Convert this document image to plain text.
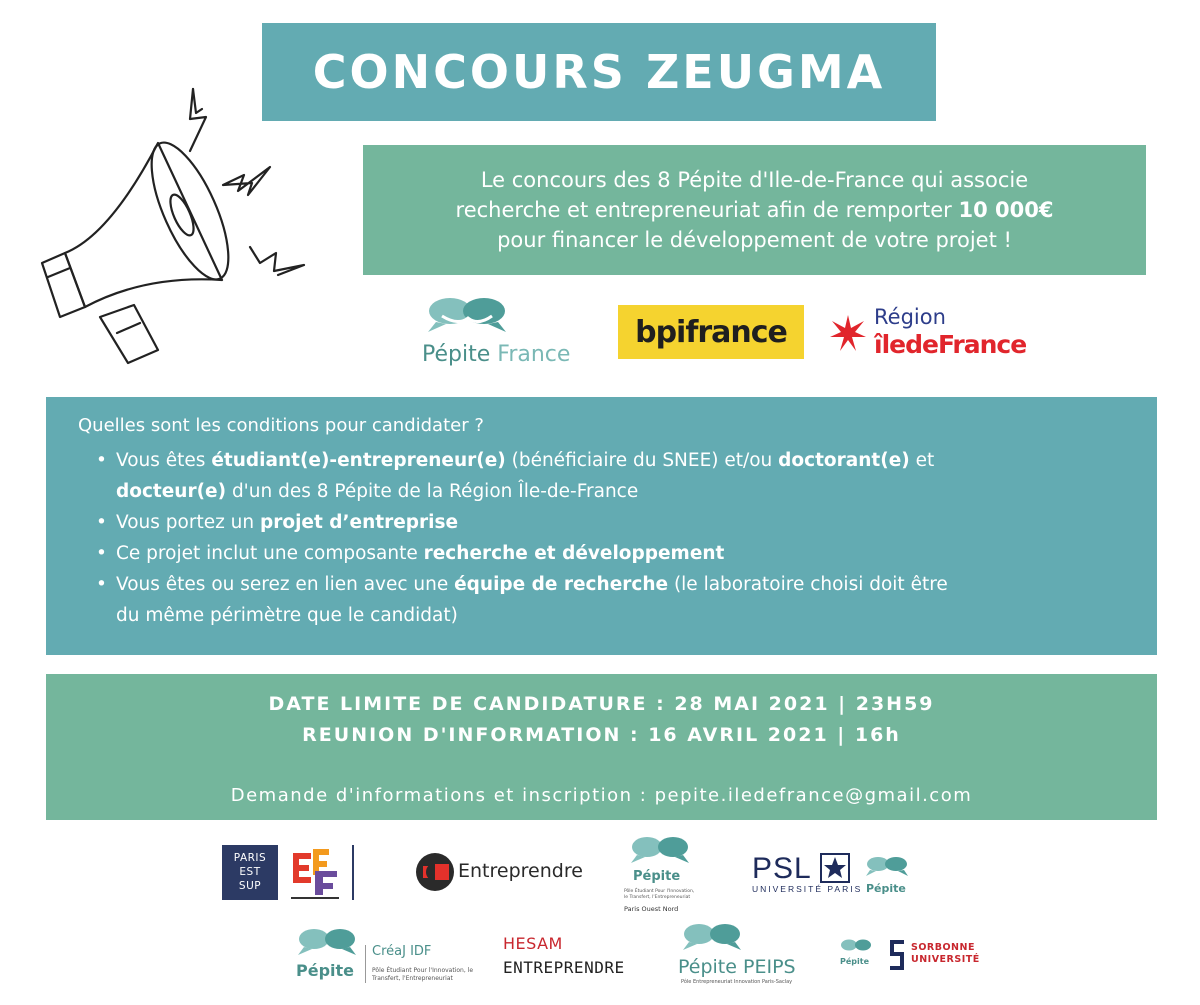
CONCOURS ZEUGMA
Le concours des 8 Pépite d'Ile-de-France qui associe
recherche et entrepreneuriat afin de remporter 10 000€
pour financer le développement de votre projet !
Pépite France
bpifrance	Région
îledeFrance
Quelles sont les conditions pour candidater ?
• Vous êtes étudiant(e)-entrepreneur(e) (bénéficiaire du SNEE) et/ou doctorant(e) et
docteur(e) d'un des 8 Pépite de la Région Île-de-France
• Vous portez un projet d’entreprise
• Ce projet inclut une composante recherche et développement
• Vous êtes ou serez en lien avec une équipe de recherche (le laboratoire choisi doit être
du même périmètre que le candidat)
DATE LIMITE DE CANDIDATURE : 28 MAI 2021 | 23H59
REUNION D'INFORMATION : 16 AVRIL 2021 | 16h
Demande d'informations et inscription : pepite.iledefrance@gmail.com
PARIS
EST
SUP
Entreprendre	Pépite
Pôle Étudiant Pour l'Innovation, le Transfert, l'Entrepreneuriat
Paris Ouest Nord
PSL
UNIVERSITÉ PARIS Pépite
Pépite
CréaJ IDF
Pôle Étudiant Pour l'Innovation, le Transfert, l'Entrepreneuriat
HESAM
ENTREPRENDRE	Pépite PEIPS
Pôle Entrepreneuriat Innovation Paris-Saclay
Pépite
SORBONNE
UNIVERSITÉ
